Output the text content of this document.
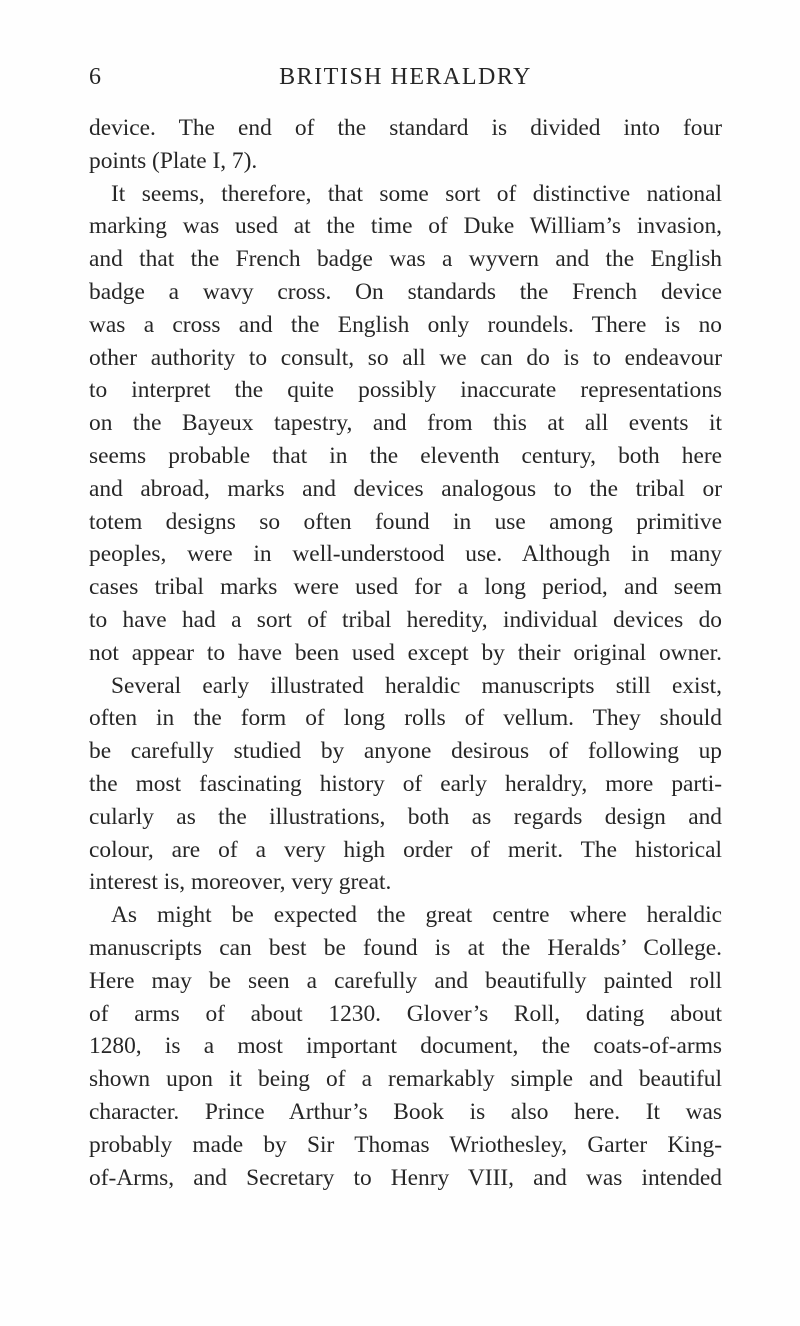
6	BRITISH HERALDRY
device. The end of the standard is divided into four
points (Plate I, 7).
It seems, therefore, that some sort of distinctive national
marking was used at the time of Duke William’s invasion,
and that the French badge was a wyvern and the English
badge a wavy cross. On standards the French device
was a cross and the English only roundels. There is no
other authority to consult, so all we can do is to endeavour
to interpret the quite possibly inaccurate representations
on the Bayeux tapestry, and from this at all events it
seems probable that in the eleventh century, both here
and abroad, marks and devices analogous to the tribal or
totem designs so often found in use among primitive
peoples, were in well-understood use. Although in many
cases tribal marks were used for a long period, and seem
to have had a sort of tribal heredity, individual devices do
not appear to have been used except by their original owner.
Several early illustrated heraldic manuscripts still exist,
often in the form of long rolls of vellum. They should
be carefully studied by anyone desirous of following up
the most fascinating history of early heraldry, more parti-
cularly as the illustrations, both as regards design and
colour, are of a very high order of merit. The historical
interest is, moreover, very great.
As might be expected the great centre where heraldic
manuscripts can best be found is at the Heralds’ College.
Here may be seen a carefully and beautifully painted roll
of arms of about 1230. Glover’s Roll, dating about
1280, is a most important document, the coats-of-arms
shown upon it being of a remarkably simple and beautiful
character. Prince Arthur’s Book is also here. It was
probably made by Sir Thomas Wriothesley, Garter King-
of-Arms, and Secretary to Henry VIII, and was intended
